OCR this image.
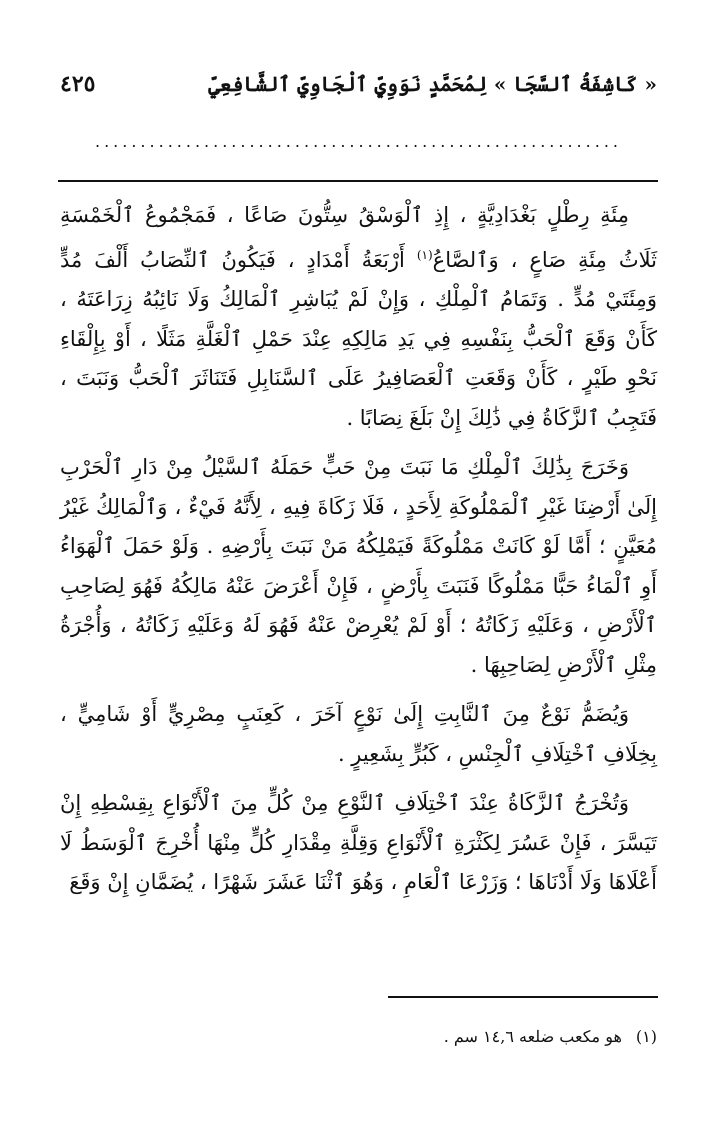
« كَاشِفَةُ ٱلسَّجَا » لِمُحَمَّدٍ نَوَوِيٍّ ٱلْجَاوِيِّ ٱلشَّافِعِيِّ
٤٢٥
..........................................................

مِئَةِ رِطْلٍ بَغْدَادِيَّةٍ ، إِذِ ٱلْوَسْقُ سِتُّونَ صَاعًا ، فَمَجْمُوعُ ٱلْخَمْسَةِ ثَلَاثُ مِئَةِ صَاعٍ ، وَٱلصَّاعُ$^{(١)}$ أَرْبَعَةُ أَمْدَادٍ ، فَيَكُونُ ٱلنِّصَابُ أَلْفَ مُدٍّ وَمِئَتَيْ مُدٍّ . وَتَمَامُ ٱلْمِلْكِ ، وَإِنْ لَمْ يُبَاشِرِ ٱلْمَالِكُ وَلَا نَائِبُهُ زِرَاعَتَهُ ، كَأَنْ وَقَعَ ٱلْحَبُّ بِنَفْسِهِ فِي يَدِ مَالِكِهِ عِنْدَ حَمْلِ ٱلْغَلَّةِ مَثَلًا ، أَوْ بِإِلْقَاءِ نَحْوِ طَيْرٍ ، كَأَنْ وَقَعَتِ ٱلْعَصَافِيرُ عَلَى ٱلسَّنَابِلِ فَتَنَاثَرَ ٱلْحَبُّ وَنَبَتَ ، فَتَجِبُ ٱلزَّكَاةُ فِي ذَٰلِكَ إِنْ بَلَغَ نِصَابًا .

وَخَرَجَ بِذَٰلِكَ ٱلْمِلْكِ مَا نَبَتَ مِنْ حَبٍّ حَمَلَهُ ٱلسَّيْلُ مِنْ دَارِ ٱلْحَرْبِ إِلَىٰ أَرْضِنَا غَيْرِ ٱلْمَمْلُوكَةِ لِأَحَدٍ ، فَلَا زَكَاةَ فِيهِ ، لِأَنَّهُ فَيْءٌ ، وَٱلْمَالِكُ غَيْرُ مُعَيَّنٍ ؛ أَمَّا لَوْ كَانَتْ مَمْلُوكَةً فَيَمْلِكُهُ مَنْ نَبَتَ بِأَرْضِهِ . وَلَوْ حَمَلَ ٱلْهَوَاءُ أَوِ ٱلْمَاءُ حَبًّا مَمْلُوكًا فَنَبَتَ بِأَرْضٍ ، فَإِنْ أَعْرَضَ عَنْهُ مَالِكُهُ فَهُوَ لِصَاحِبِ ٱلْأَرْضِ ، وَعَلَيْهِ زَكَاتُهُ ؛ أَوْ لَمْ يُعْرِضْ عَنْهُ فَهُوَ لَهُ وَعَلَيْهِ زَكَاتُهُ ، وَأُجْرَةُ مِثْلِ ٱلْأَرْضِ لِصَاحِبِهَا .

وَيُضَمُّ نَوْعٌ مِنَ ٱلنَّابِتِ إِلَىٰ نَوْعٍ آخَرَ ، كَعِنَبٍ مِصْرِيٍّ أَوْ شَامِيٍّ ، بِخِلَافِ ٱخْتِلَافِ ٱلْجِنْسِ ، كَبُرٍّ بِشَعِيرٍ .

وَتُخْرَجُ ٱلزَّكَاةُ عِنْدَ ٱخْتِلَافِ ٱلنَّوْعِ مِنْ كُلٍّ مِنَ ٱلْأَنْوَاعِ بِقِسْطِهِ إِنْ تَيَسَّرَ ، فَإِنْ عَسُرَ لِكَثْرَةِ ٱلْأَنْوَاعِ وَقِلَّةِ مِقْدَارِ كُلٍّ مِنْهَا أُخْرِجَ ٱلْوَسَطُ لَا أَعْلَاهَا وَلَا أَدْنَاهَا ؛ وَزَرْعَا ٱلْعَامِ ، وَهُوَ ٱثْنَا عَشَرَ شَهْرًا ، يُضَمَّانِ إِنْ وَقَعَ

(١)هو مكعب ضلعه ١٤,٦ سم .
